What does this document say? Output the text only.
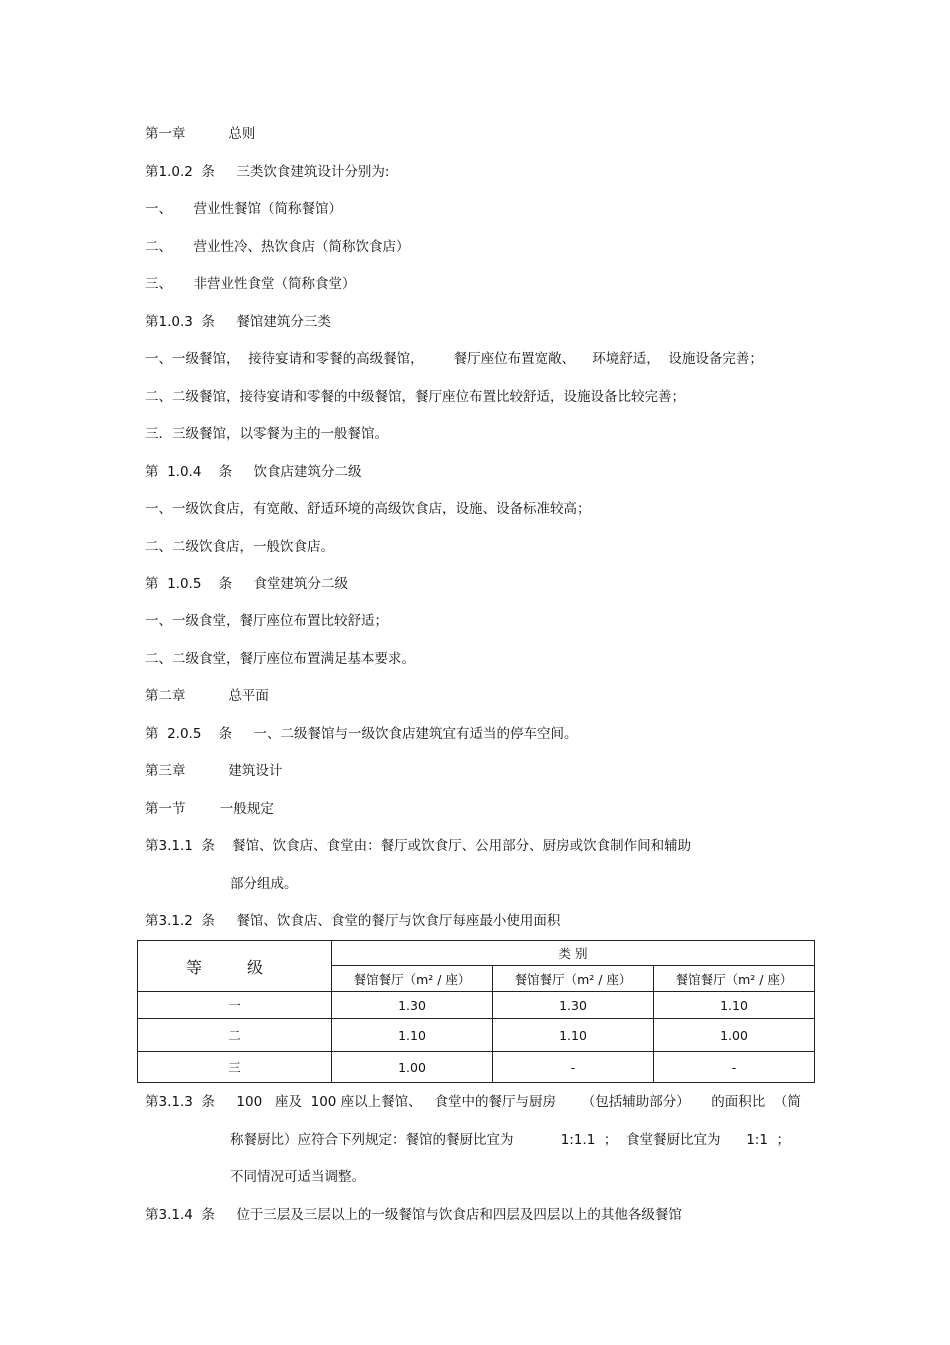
第一章          总则
第1.0.2  条     三类饮食建筑设计分别为:
一、     营业性餐馆（简称餐馆）
二、     营业性冷、热饮食店（简称饮食店）
三、     非营业性食堂（简称食堂）
第1.0.3  条     餐馆建筑分三类
一、一级餐馆，  接待宴请和零餐的高级餐馆，       餐厅座位布置宽敞、    环境舒适，  设施设备完善；
二、二级餐馆，接待宴请和零餐的中级餐馆，餐厅座位布置比较舒适，设施设备比较完善；
三．三级餐馆，以零餐为主的一般餐馆。
第  1.0.4    条     饮食店建筑分二级
一、一级饮食店，有宽敞、舒适环境的高级饮食店，设施、设备标准较高；
二、二级饮食店，一般饮食店。
第  1.0.5    条     食堂建筑分二级
一、一级食堂，餐厅座位布置比较舒适；
二、二级食堂，餐厅座位布置满足基本要求。
第二章          总平面
第  2.0.5    条     一、二级餐馆与一级饮食店建筑宜有适当的停车空间。
第三章          建筑设计
第一节        一般规定
第3.1.1  条    餐馆、饮食店、食堂由：餐厅或饮食厅、公用部分、厨房或饮食制作间和辅助
部分组成。
第3.1.2  条     餐馆、饮食店、食堂的餐厅与饮食厅每座最小使用面积
等 级	类 别		
	餐馆餐厅（m² / 座）	餐馆餐厅（m² / 座）	餐馆餐厅（m² / 座）
一	1.30	1.30	1.10
二	1.10	1.10	1.00
三	1.00	-	-
第3.1.3  条     100   座及  100 座以上餐馆、   食堂中的餐厅与厨房      （包括辅助部分）     的面积比  （简
称餐厨比）应符合下列规定：餐馆的餐厨比宜为           1:1.1  ；  食堂餐厨比宜为      1:1  ；
不同情况可适当调整。
第3.1.4  条     位于三层及三层以上的一级餐馆与饮食店和四层及四层以上的其他各级餐馆
